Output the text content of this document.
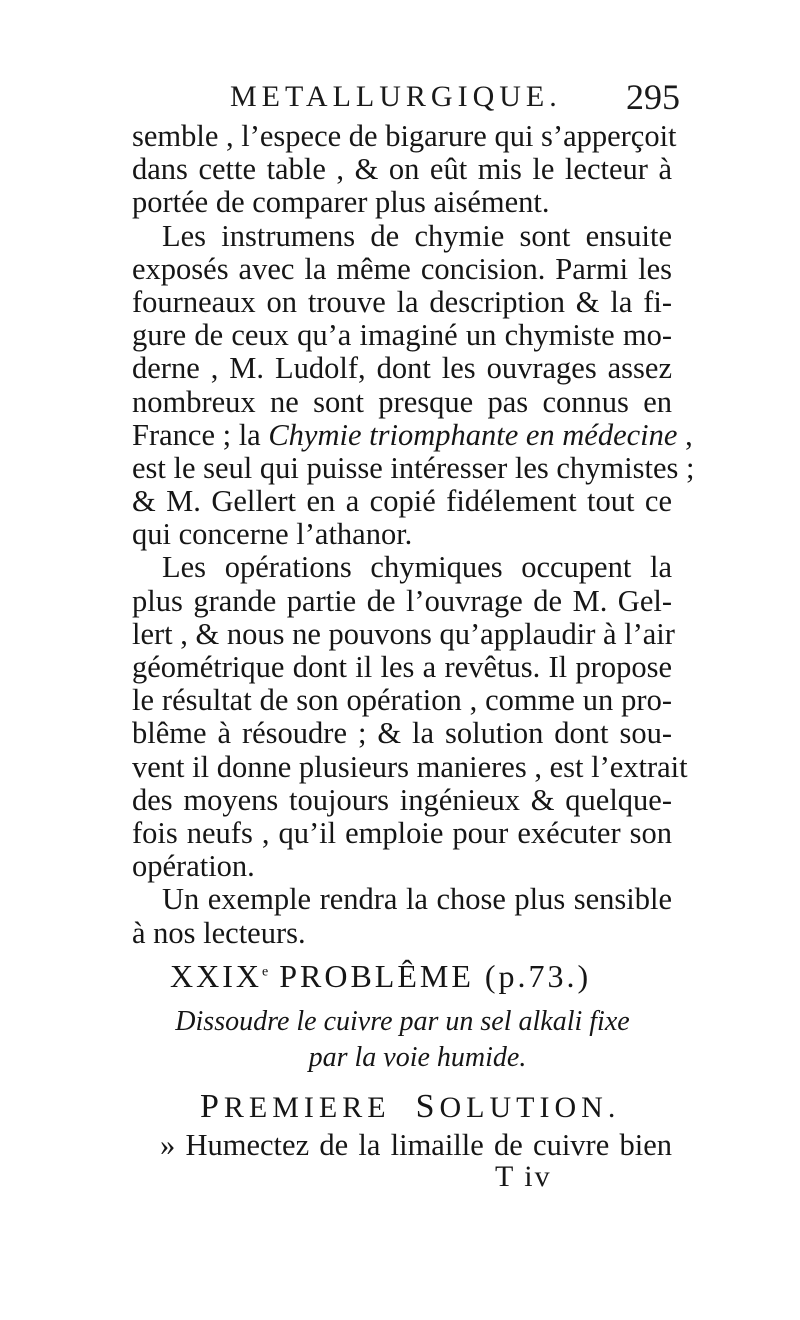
METALLURGIQUE. 295
semble , l’espece de bigarure qui s’apperçoit
dans cette table , & on eût mis le lecteur à
portée de comparer plus aisément.
Les instrumens de chymie sont ensuite
exposés avec la même concision. Parmi les
fourneaux on trouve la description & la fi-
gure de ceux qu’a imaginé un chymiste mo-
derne , M. Ludolf, dont les ouvrages assez
nombreux ne sont presque pas connus en
France ; la Chymie triomphante en médecine ,
est le seul qui puisse intéresser les chymistes ;
& M. Gellert en a copié fidélement tout ce
qui concerne l’athanor.
Les opérations chymiques occupent la
plus grande partie de l’ouvrage de M. Gel-
lert , & nous ne pouvons qu’applaudir à l’air
géométrique dont il les a revêtus. Il propose
le résultat de son opération , comme un pro-
blême à résoudre ; & la solution dont sou-
vent il donne plusieurs manieres , est l’extrait
des moyens toujours ingénieux & quelque-
fois neufs , qu’il emploie pour exécuter son
opération.
Un exemple rendra la chose plus sensible
à nos lecteurs.
XXIXe PROBLÊME (p.73.)
Dissoudre le cuivre par un sel alkali fixe
par la voie humide.
PREMIERE SOLUTION.
» Humectez de la limaille de cuivre bien
T iv
